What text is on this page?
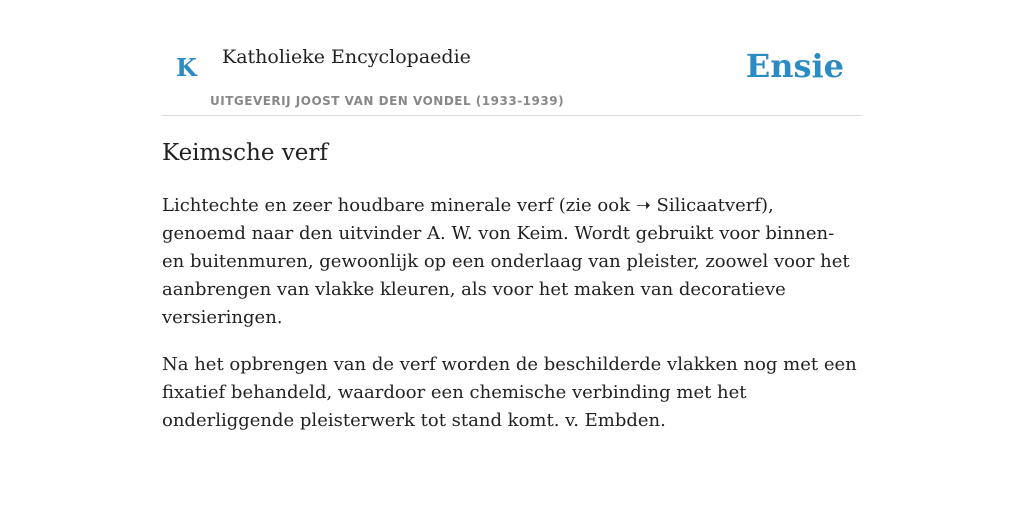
K Katholieke Encyclopaedie
UITGEVERIJ JOOST VAN DEN VONDEL (1933-1939)
Ensie
Keimsche verf

Lichtechte en zeer houdbare minerale verf (zie ook ➝ Silicaatverf), genoemd naar den uitvinder A. W. von Keim. Wordt gebruikt voor binnen- en buitenmuren, gewoonlijk op een onderlaag van pleister, zoowel voor het aanbrengen van vlakke kleuren, als voor het maken van decoratieve versieringen.

Na het opbrengen van de verf worden de beschilderde vlakken nog met een fixatief behandeld, waardoor een chemische verbinding met het onderliggende pleisterwerk tot stand komt. v. Embden.
